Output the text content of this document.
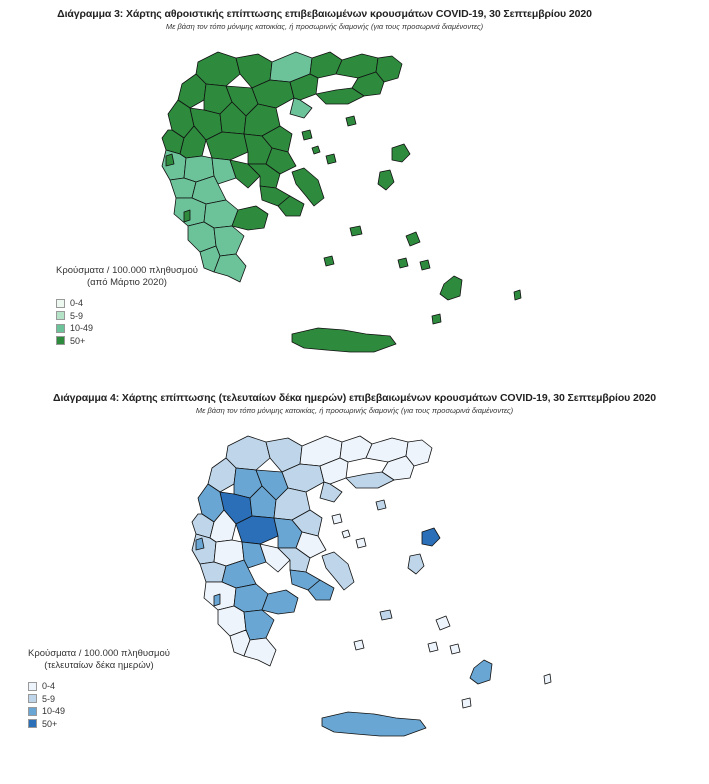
Διάγραμμα 3: Χάρτης αθροιστικής επίπτωσης επιβεβαιωμένων κρουσμάτων COVID-19, 30 Σεπτεμβρίου 2020
Με βάση τον τόπο μόνιμης κατοικίας, ή προσωρινής διαμονής (για τους προσωρινά διαμένοντες)
Κρούσματα / 100.000 πληθυσμού
(από Μάρτιο 2020)
0-4
5-9
10-49
50+
Διάγραμμα 4: Χάρτης επίπτωσης (τελευταίων δέκα ημερών) επιβεβαιωμένων κρουσμάτων COVID-19, 30 Σεπτεμβρίου 2020
Με βάση τον τόπο μόνιμης κατοικίας, ή προσωρινής διαμονής (για τους προσωρινά διαμένοντες)
Κρούσματα / 100.000 πληθυσμού
(τελευταίων δέκα ημερών)
0-4
5-9
10-49
50+
